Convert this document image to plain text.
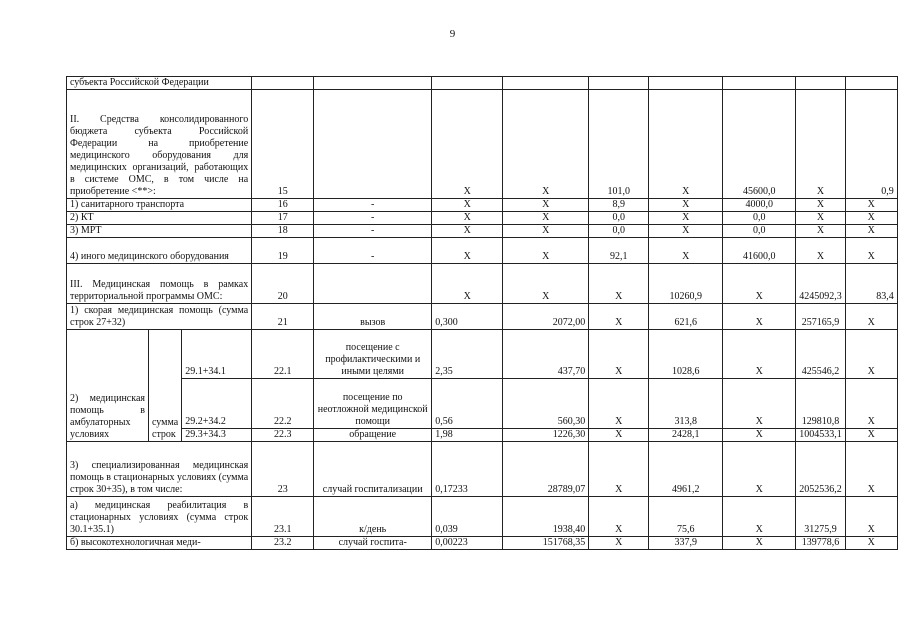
9
субъекта Российской Федерации											
II. Средства консолидированного бюджета субъекта Российской Федерации на приобретение медицинского оборудования для медицинских организаций, работающих в системе ОМС, в том числе на приобретение <**>:			15		X	X	101,0	X	45600,0	X	0,9
1) санитарного транспорта			16	-	X	X	8,9	X	4000,0	X	X
2) КТ			17	-	X	X	0,0	X	0,0	X	X
3) МРТ			18	-	X	X	0,0	X	0,0	X	X
4) иного медицинского оборудования			19	-	X	X	92,1	X	41600,0	X	X
III. Медицинская помощь в рамках территориальной программы ОМС:			20		X	X	X	10260,9	X	4245092,3	83,4
1) скорая медицинская помощь (сумма строк 27+32)			21	вызов	0,300	2072,00	X	621,6	X	257165,9	X
2) медицинская помощь в амбулаторных условиях	сумма строк	29.1+34.1	22.1	посещение с профилактическими и иными целями	2,35	437,70	X	1028,6	X	425546,2	X
		29.2+34.2	22.2	посещение по неотложной медицинской помощи	0,56	560,30	X	313,8	X	129810,8	X
		29.3+34.3	22.3	обращение	1,98	1226,30	X	2428,1	X	1004533,1	X
3) специализированная медицинская помощь в стационарных условиях (сумма строк 30+35), в том числе:			23	случай госпитализации	0,17233	28789,07	X	4961,2	X	2052536,2	X
а) медицинская реабилитация в стационарных условиях (сумма строк 30.1+35.1)			23.1	к/день	0,039	1938,40	X	75,6	X	31275,9	X
б) высокотехнологичная меди-			23.2	случай госпита-	0,00223	151768,35	X	337,9	X	139778,6	X
